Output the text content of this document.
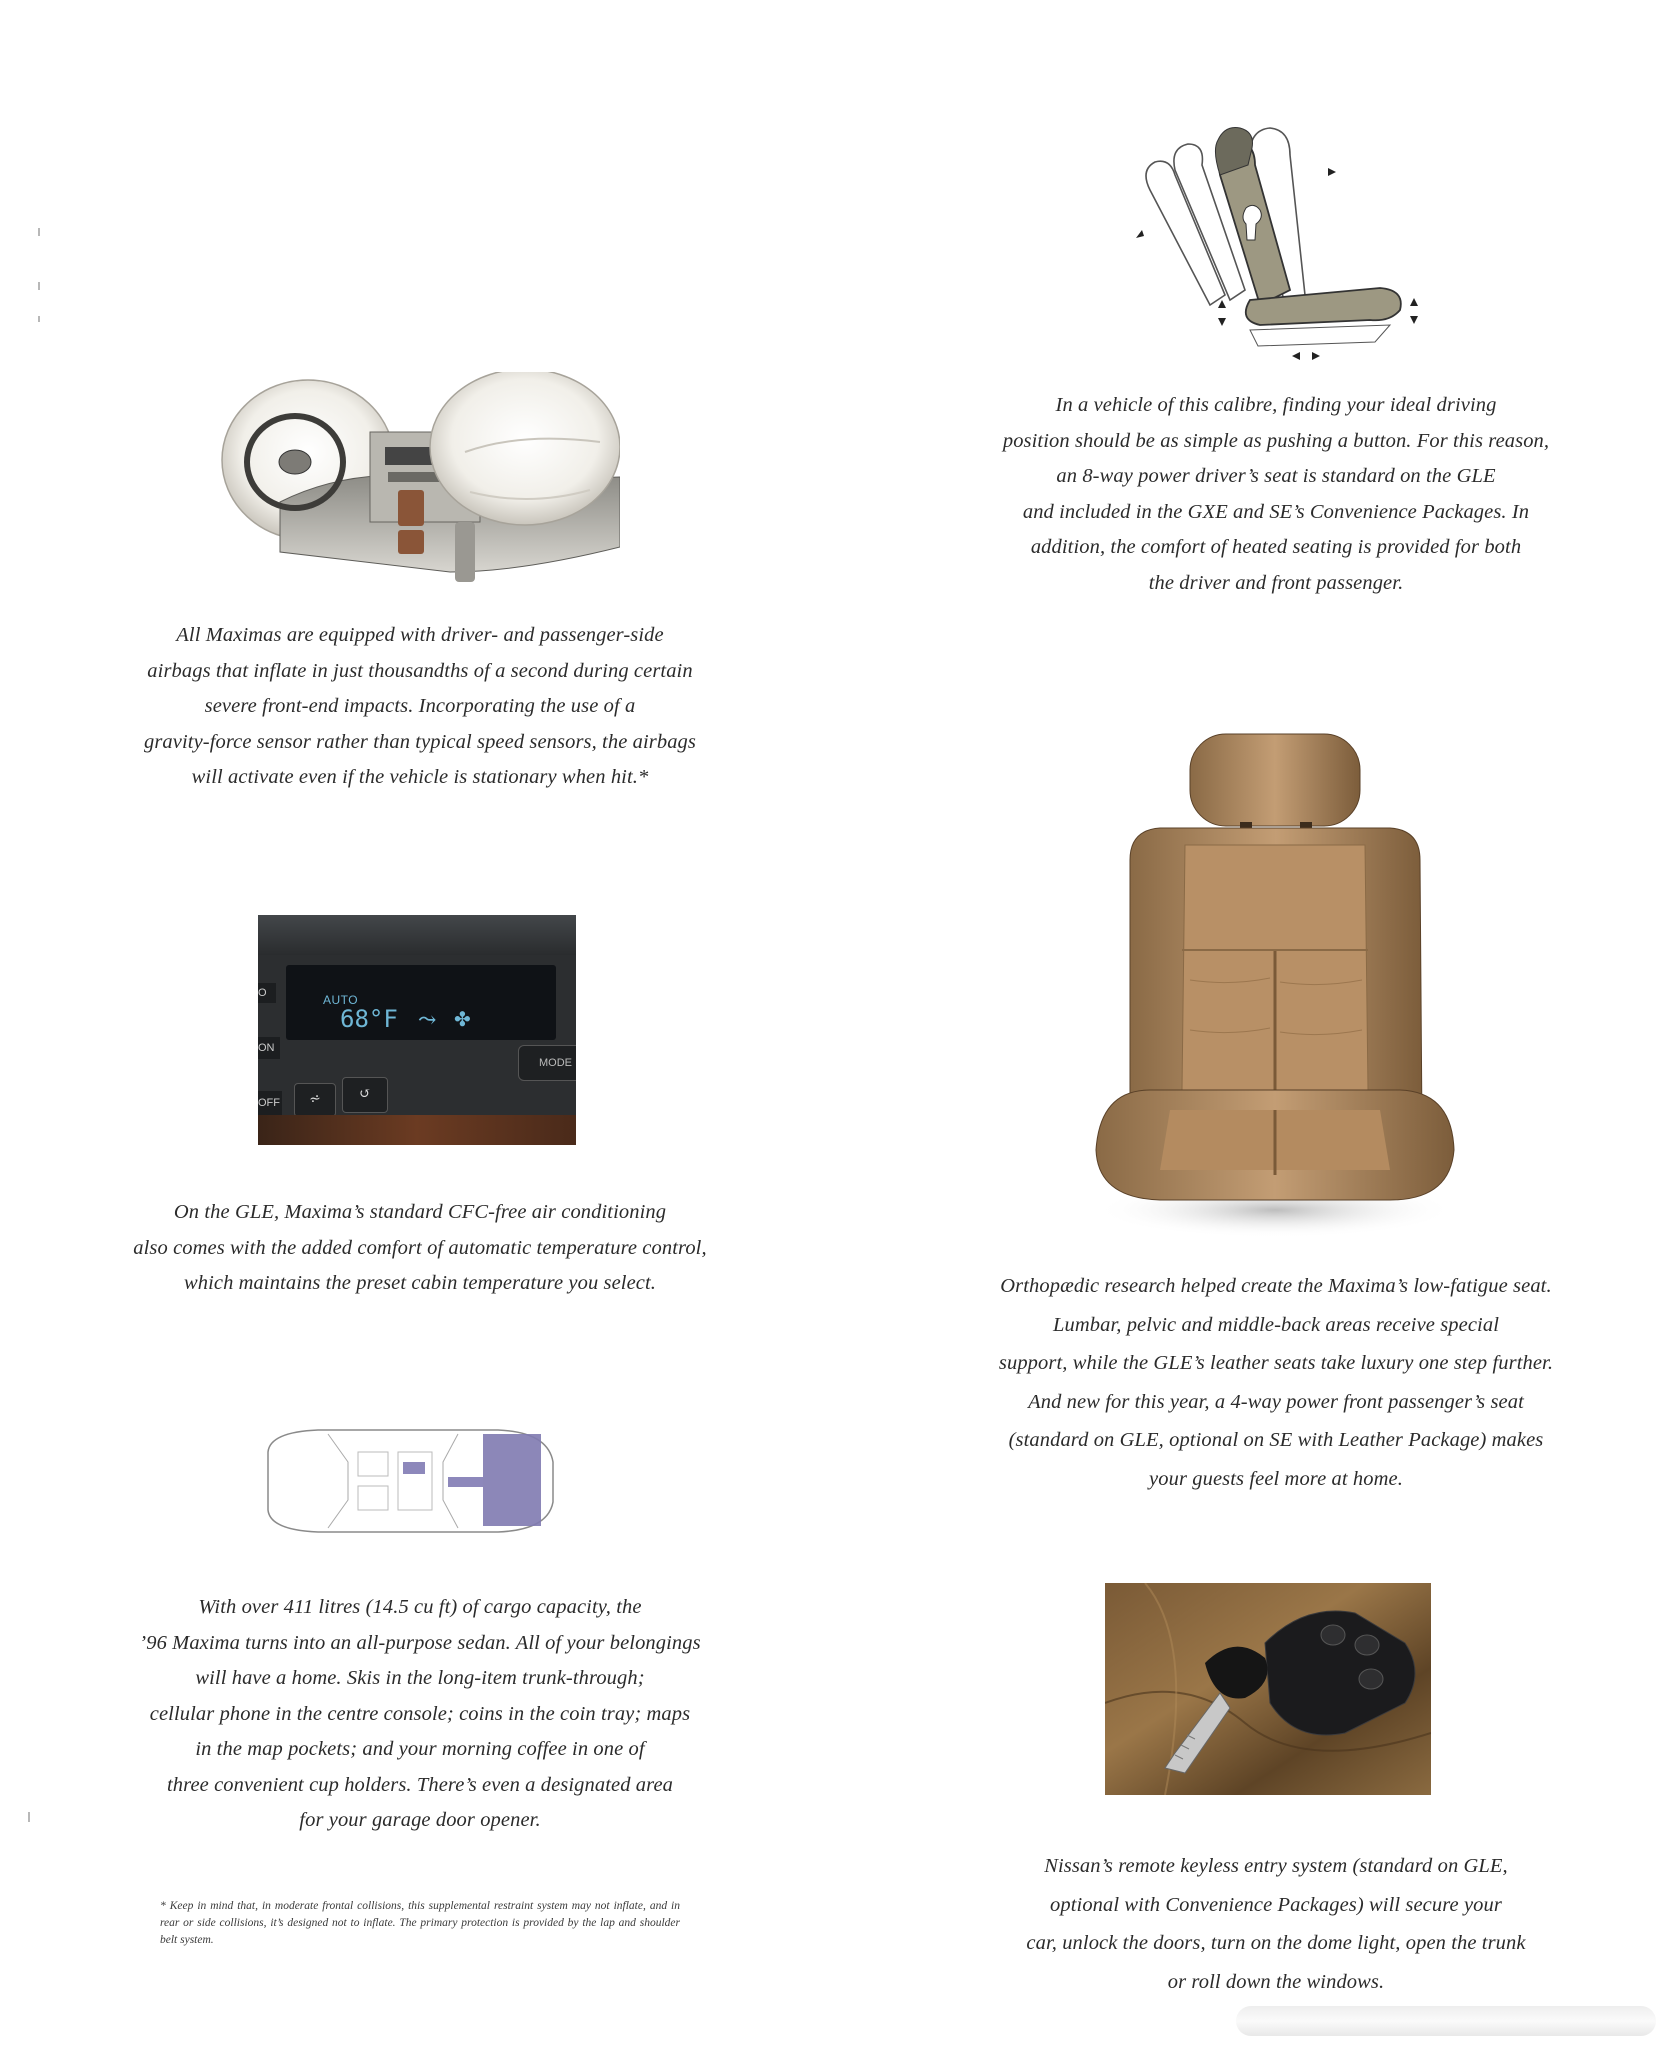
All Maximas are equipped with driver- and passenger-side
airbags that inflate in just thousandths of a second during certain
severe front-end impacts. Incorporating the use of a
gravity-force sensor rather than typical speed sensors, the airbags
will activate even if the vehicle is stationary when hit.*
AUTO
68°F ⤳ ✤
O
ON
OFF	⩫	↺
MODE
On the GLE, Maxima’s standard CFC-free air conditioning
also comes with the added comfort of automatic temperature control,
which maintains the preset cabin temperature you select.
With over 411 litres (14.5 cu ft) of cargo capacity, the
’96 Maxima turns into an all-purpose sedan. All of your belongings
will have a home. Skis in the long-item trunk-through;
cellular phone in the centre console; coins in the coin tray; maps
in the map pockets; and your morning coffee in one of
three convenient cup holders. There’s even a designated area
for your garage door opener.
* Keep in mind that, in moderate frontal collisions, this supplemental restraint system may not inflate, and in rear or side collisions, it’s designed not to inflate. The primary protection is provided by the lap and shoulder belt system.
In a vehicle of this calibre, finding your ideal driving
position should be as simple as pushing a button. For this reason,
an 8-way power driver’s seat is standard on the GLE
and included in the GXE and SE’s Convenience Packages. In
addition, the comfort of heated seating is provided for both
the driver and front passenger.
Orthopædic research helped create the Maxima’s low-fatigue seat.
Lumbar, pelvic and middle-back areas receive special
support, while the GLE’s leather seats take luxury one step further.
And new for this year, a 4-way power front passenger’s seat
(standard on GLE, optional on SE with Leather Package) makes
your guests feel more at home.
Nissan’s remote keyless entry system (standard on GLE,
optional with Convenience Packages) will secure your
car, unlock the doors, turn on the dome light, open the trunk
or roll down the windows.
